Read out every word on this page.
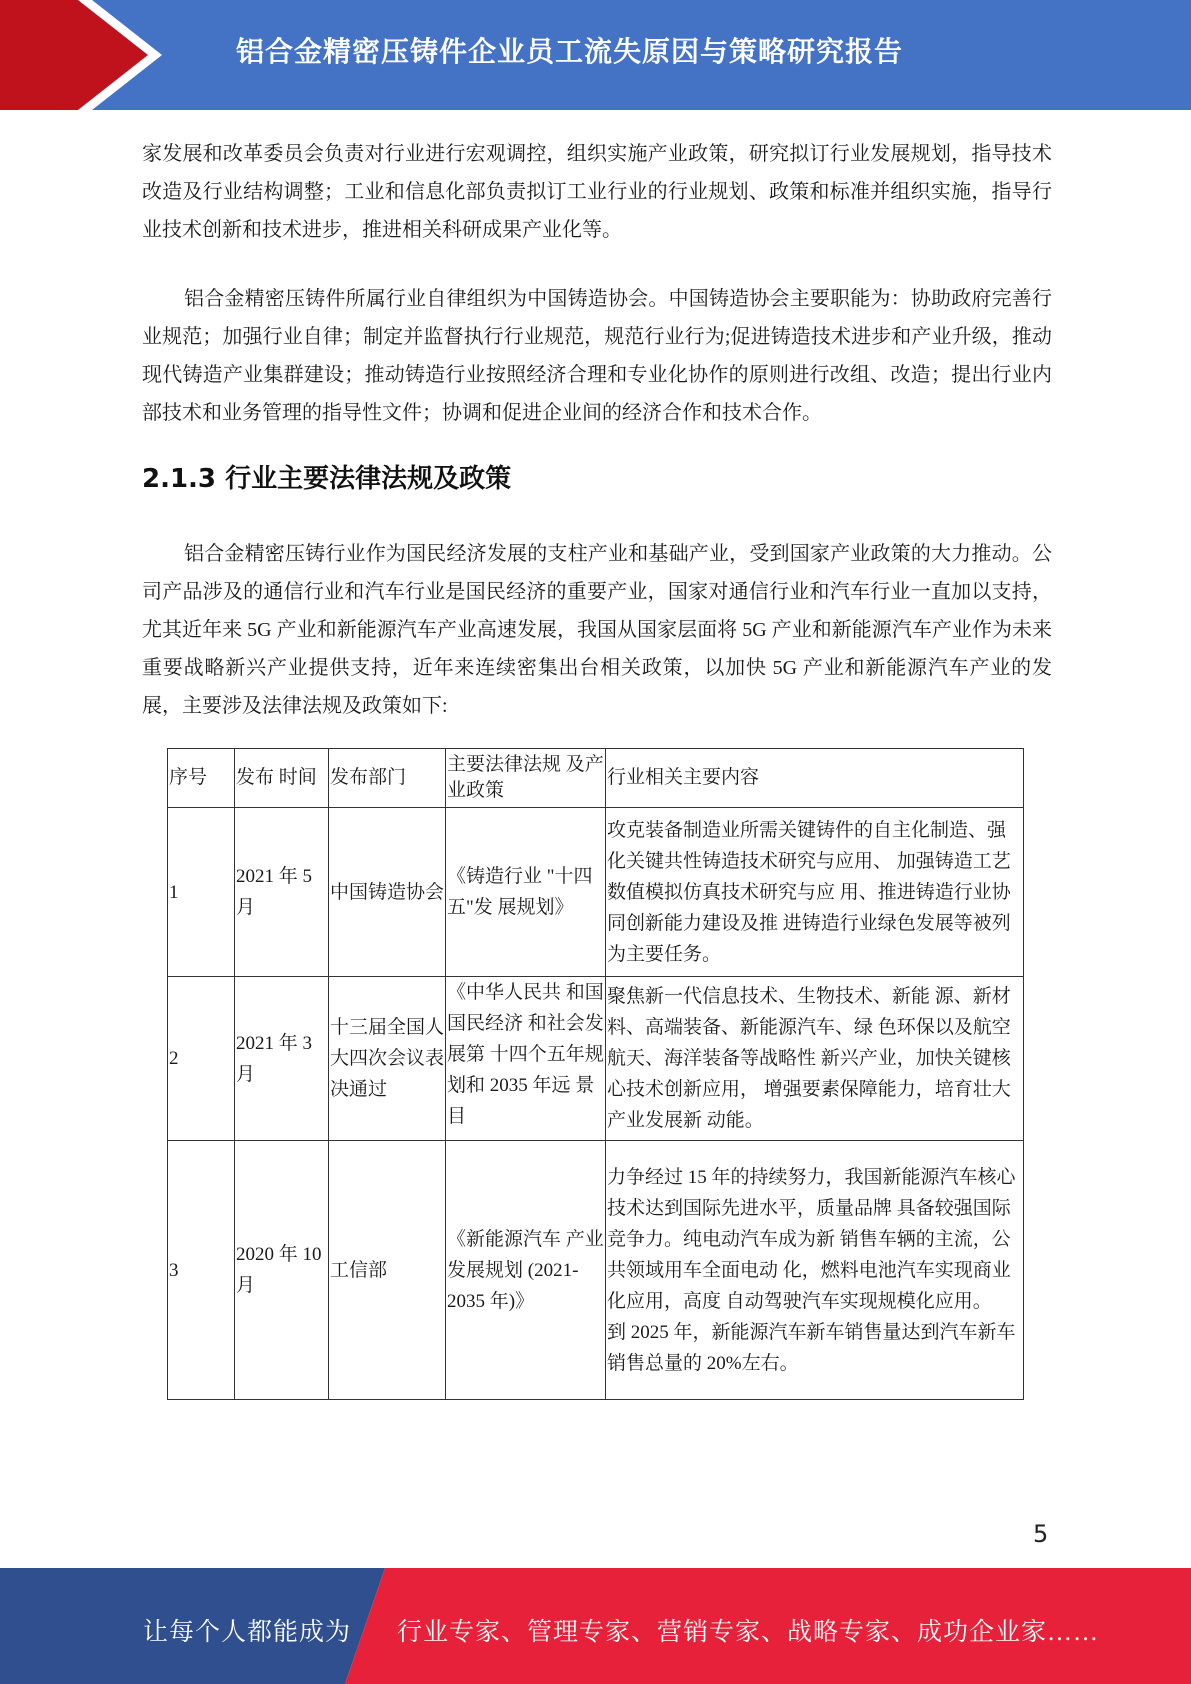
铝合金精密压铸件企业员工流失原因与策略研究报告

家发展和改革委员会负责对行业进行宏观调控，组织实施产业政策，研究拟订行业发展规划，指导技术改造及行业结构调整；工业和信息化部负责拟订工业行业的行业规划、政策和标准并组织实施，指导行业技术创新和技术进步，推进相关科研成果产业化等。

铝合金精密压铸件所属行业自律组织为中国铸造协会。中国铸造协会主要职能为：协助政府完善行业规范；加强行业自律；制定并监督执行行业规范，规范行业行为;促进铸造技术进步和产业升级，推动现代铸造产业集群建设；推动铸造行业按照经济合理和专业化协作的原则进行改组、改造；提出行业内部技术和业务管理的指导性文件；协调和促进企业间的经济合作和技术合作。

2.1.3 行业主要法律法规及政策

铝合金精密压铸行业作为国民经济发展的支柱产业和基础产业，受到国家产业政策的大力推动。公司产品涉及的通信行业和汽车行业是国民经济的重要产业，国家对通信行业和汽车行业一直加以支持，尤其近年来 5G 产业和新能源汽车产业高速发展，我国从国家层面将 5G 产业和新能源汽车产业作为未来重要战略新兴产业提供支持，近年来连续密集出台相关政策，以加快 5G 产业和新能源汽车产业的发展，主要涉及法律法规及政策如下:

序号	发布 时间	发布部门	主要法律法规 及产业政策	行业相关主要内容
1	2021 年 5 月	中国铸造协会	《铸造行业 "十四五"发 展规划》	攻克装备制造业所需关键铸件的自主化制造、强化关键共性铸造技术研究与应用、 加强铸造工艺数值模拟仿真技术研究与应 用、推进铸造行业协同创新能力建设及推 进铸造行业绿色发展等被列为主要任务。
2	2021 年 3 月	十三届全国人大四次会议表决通过	《中华人民共 和国国民经济 和社会发展第 十四个五年规 划和 2035 年远 景目	聚焦新一代信息技术、生物技术、新能 源、新材料、高端装备、新能源汽车、绿 色环保以及航空航天、海洋装备等战略性 新兴产业，加快关键核心技术创新应用， 增强要素保障能力，培育壮大产业发展新 动能。
3	2020 年 10 月	工信部	《新能源汽车 产业发展规划 (2021-2035 年)》	力争经过 15 年的持续努力，我国新能源汽车核心技术达到国际先进水平，质量品牌 具备较强国际竞争力。纯电动汽车成为新 销售车辆的主流，公共领域用车全面电动 化，燃料电池汽车实现商业化应用，高度 自动驾驶汽车实现规模化应用。
到 2025 年，新能源汽车新车销售量达到汽车新车销售总量的 20%左右。
5
让每个人都能成为 行业专家、管理专家、营销专家、战略专家、成功企业家……
